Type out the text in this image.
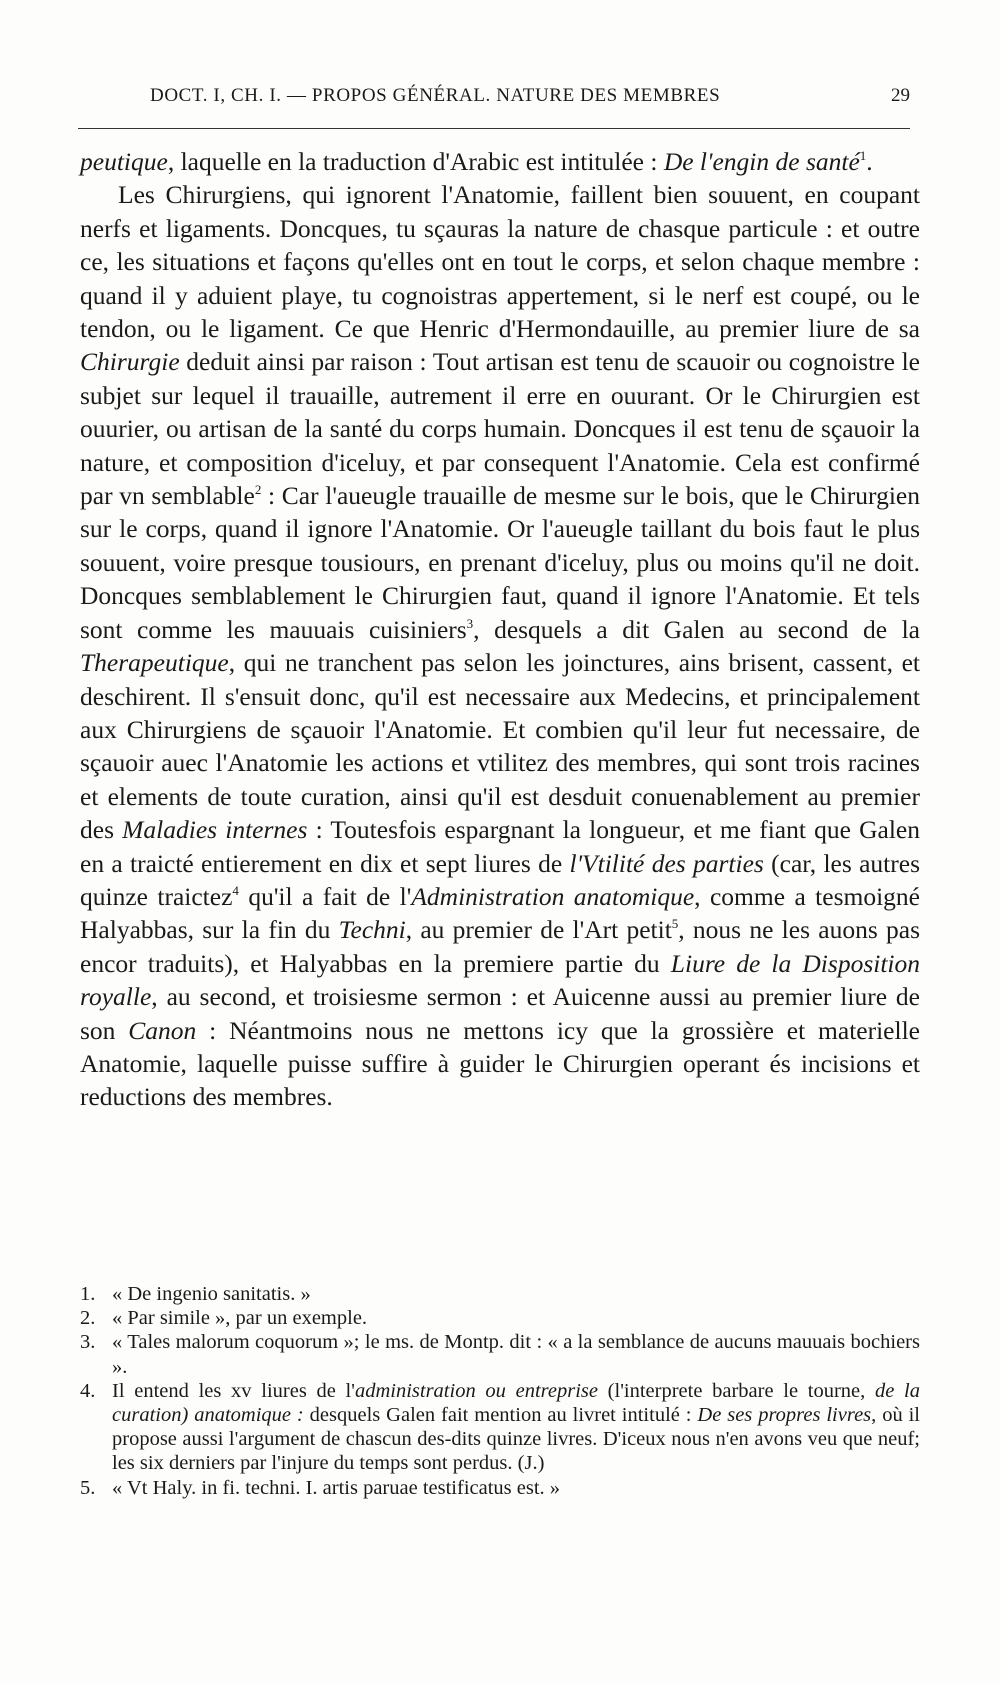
DOCT. I, CH. I. — PROPOS GÉNÉRAL. NATURE DES MEMBRES	29

peutique, laquelle en la traduction d'Arabic est intitulée : De l'engin de santé$^1$.

Les Chirurgiens, qui ignorent l'Anatomie, faillent bien souuent, en coupant nerfs et ligaments. Doncques, tu sçauras la nature de chasque particule : et outre ce, les situations et façons qu'elles ont en tout le corps, et selon chaque membre : quand il y aduient playe, tu cognoistras appertement, si le nerf est coupé, ou le tendon, ou le ligament. Ce que Henric d'Hermondauille, au premier liure de sa Chirurgie deduit ainsi par raison : Tout artisan est tenu de scauoir ou cognoistre le subjet sur lequel il trauaille, autrement il erre en ouurant. Or le Chirurgien est ouurier, ou artisan de la santé du corps humain. Doncques il est tenu de sçauoir la nature, et composition d'iceluy, et par consequent l'Anatomie. Cela est confirmé par vn semblable$^2$ : Car l'aueugle trauaille de mesme sur le bois, que le Chirurgien sur le corps, quand il ignore l'Anatomie. Or l'aueugle taillant du bois faut le plus souuent, voire presque tousiours, en prenant d'iceluy, plus ou moins qu'il ne doit. Doncques semblablement le Chirurgien faut, quand il ignore l'Anatomie. Et tels sont comme les mauuais cuisiniers$^3$, desquels a dit Galen au second de la Therapeutique, qui ne tranchent pas selon les joinctures, ains brisent, cassent, et deschirent. Il s'ensuit donc, qu'il est necessaire aux Medecins, et principalement aux Chirurgiens de sçauoir l'Anatomie. Et combien qu'il leur fut necessaire, de sçauoir auec l'Anatomie les actions et vtilitez des membres, qui sont trois racines et elements de toute curation, ainsi qu'il est desduit conuenablement au premier des Maladies internes : Toutesfois espargnant la longueur, et me fiant que Galen en a traicté entierement en dix et sept liures de l'Vtilité des parties (car, les autres quinze traictez$^4$ qu'il a fait de l'Administration anatomique, comme a tesmoigné Halyabbas, sur la fin du Techni, au premier de l'Art petit$^5$, nous ne les auons pas encor traduits), et Halyabbas en la premiere partie du Liure de la Disposition royalle, au second, et troisiesme sermon : et Auicenne aussi au premier liure de son Canon : Néantmoins nous ne mettons icy que la grossière et materielle Anatomie, laquelle puisse suffire à guider le Chirurgien operant és incisions et reductions des membres.

1. « De ingenio sanitatis. »

2. « Par simile », par un exemple.

3. « Tales malorum coquorum »; le ms. de Montp. dit : « a la semblance de aucuns mauuais bochiers ».

4. Il entend les xv liures de l'administration ou entreprise (l'interprete barbare le tourne, de la curation) anatomique : desquels Galen fait mention au livret intitulé : De ses propres livres, où il propose aussi l'argument de chascun des-dits quinze livres. D'iceux nous n'en avons veu que neuf; les six derniers par l'injure du temps sont perdus. (J.)

5. « Vt Haly. in fi. techni. I. artis paruae testificatus est. »
